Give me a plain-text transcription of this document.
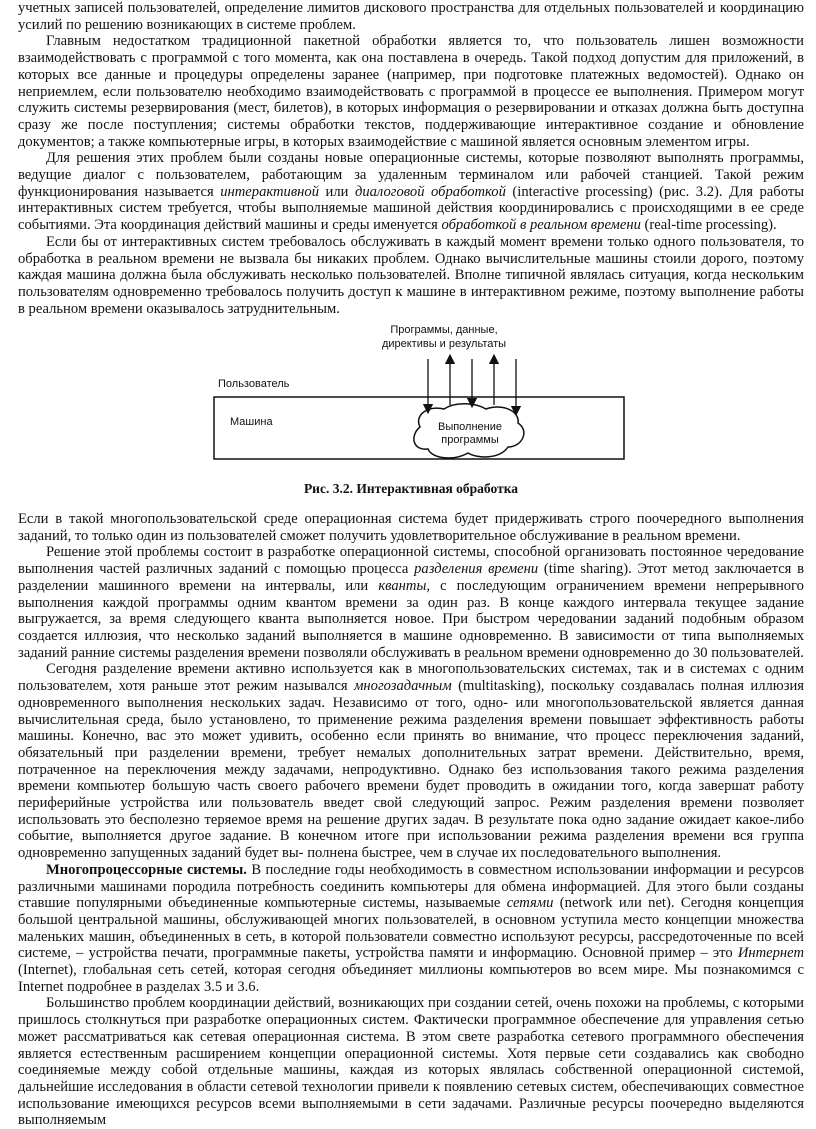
учетных записей пользователей, определение лимитов дискового пространства для отдельных пользователей и координацию усилий по решению возникающих в системе проблем.

Главным недостатком традиционной пакетной обработки является то, что пользователь лишен возможности взаимодействовать с программой с того момента, как она поставлена в очередь. Такой подход допустим для приложений, в которых все данные и процедуры определены заранее (например, при подготовке платежных ведомостей). Однако он неприемлем, если пользователю необходимо взаимодействовать с программой в процессе ее выполнения. Примером могут служить системы резервирования (мест, билетов), в которых информация о резервировании и отказах должна быть доступна сразу же после поступления; системы обработки текстов, поддерживающие интерактивное создание и обновление документов; а также компьютерные игры, в которых взаимодействие с машиной является основным элементом игры.

Для решения этих проблем были созданы новые операционные системы, которые позволяют выполнять программы, ведущие диалог с пользователем, работающим за удаленным терминалом или рабочей станцией. Такой режим функционирования называется интерактивной или диалоговой обработкой (interactive processing) (рис. 3.2). Для работы интерактивных систем требуется, чтобы выполняемые машиной действия координировались с происходящими в ее среде событиями. Эта координация действий машины и среды именуется обработкой в реальном времени (real-time processing).

Если бы от интерактивных систем требовалось обслуживать в каждый момент времени только одного пользователя, то обработка в реальном времени не вызвала бы никаких проблем. Однако вычислительные машины стоили дорого, поэтому каждая машина должна была обслуживать несколько пользователей. Вполне типичной являлась ситуация, когда нескольким пользователям одновременно требовалось получить доступ к машине в интерактивном режиме, поэтому выполнение работы в реальном времени оказывалось затруднительным.

Программы, данные,
директивы и результаты
Пользователь
Машина	Выполнение
программы

Рис. 3.2. Интерактивная обработка

Если в такой многопользовательской среде операционная система будет придерживать строго поочередного выполнения заданий, то только один из пользователей сможет получить удовлетворительное обслуживание в реальном времени.

Решение этой проблемы состоит в разработке операционной системы, способной организовать постоянное чередование выполнения частей различных заданий с помощью процесса разделения времени (time sharing). Этот метод заключается в разделении машинного времени на интервалы, или кванты, с последующим ограничением времени непрерывного выполнения каждой программы одним квантом времени за один раз. В конце каждого интервала текущее задание выгружается, за время следующего кванта выполняется новое. При быстром чередовании заданий подобным образом создается иллюзия, что несколько заданий выполняется в машине одновременно. В зависимости от типа выполняемых заданий ранние системы разделения времени позволяли обслуживать в реальном времени одновременно до 30 пользователей.

Сегодня разделение времени активно используется как в многопользовательских системах, так и в системах с одним пользователем, хотя раньше этот режим назывался многозадачным (multitasking), поскольку создавалась полная иллюзия одновременного выполнения нескольких задач. Независимо от того, одно- или многопользовательской является данная вычислительная среда, было установлено, то применение режима разделения времени повышает эффективность работы машины. Конечно, вас это может удивить, особенно если принять во внимание, что процесс переключения заданий, обязательный при разделении времени, требует немалых дополнительных затрат времени. Действительно, время, потраченное на переключения между задачами, непродуктивно. Однако без использования такого режима разделения времени компьютер большую часть своего рабочего времени будет проводить в ожидании того, когда завершат работу периферийные устройства или пользователь введет свой следующий запрос. Режим разделения времени позволяет использовать это бесполезно теряемое время на решение других задач. В результате пока одно задание ожидает какое-либо событие, выполняется другое задание. В конечном итоге при использовании режима разделения времени вся группа одновременно запущенных заданий будет вы- полнена быстрее, чем в случае их последовательного выполнения.

Многопроцессорные системы. В последние годы необходимость в совместном использовании информации и ресурсов различными машинами породила потребность соединить компьютеры для обмена информацией. Для этого были созданы ставшие популярными объединенные компьютерные системы, называемые сетями (network или net). Сегодня концепция большой центральной машины, обслуживающей многих пользователей, в основном уступила место концепции множества маленьких машин, объединенных в сеть, в которой пользователи совместно используют ресурсы, рассредоточенные по всей системе, – устройства печати, программные пакеты, устройства памяти и информацию. Основной пример – это Интернет (Internet), глобальная сеть сетей, которая сегодня объединяет миллионы компьютеров во всем мире. Мы познакомимся с Internet подробнее в разделах 3.5 и 3.6.

Большинство проблем координации действий, возникающих при создании сетей, очень похожи на проблемы, с которыми пришлось столкнуться при разработке операционных систем. Фактически программное обеспечение для управления сетью может рассматриваться как сетевая операционная система. В этом свете разработка сетевого программного обеспечения является естественным расширением концепции операционной системы. Хотя первые сети создавались как свободно соединяемые между собой отдельные машины, каждая из которых являлась собственной операционной системой, дальнейшие исследования в области сетевой технологии привели к появлению сетевых систем, обеспечивающих совместное использование имеющихся ресурсов всеми выполняемыми в сети задачами. Различные ресурсы поочередно выделяются выполняемым
